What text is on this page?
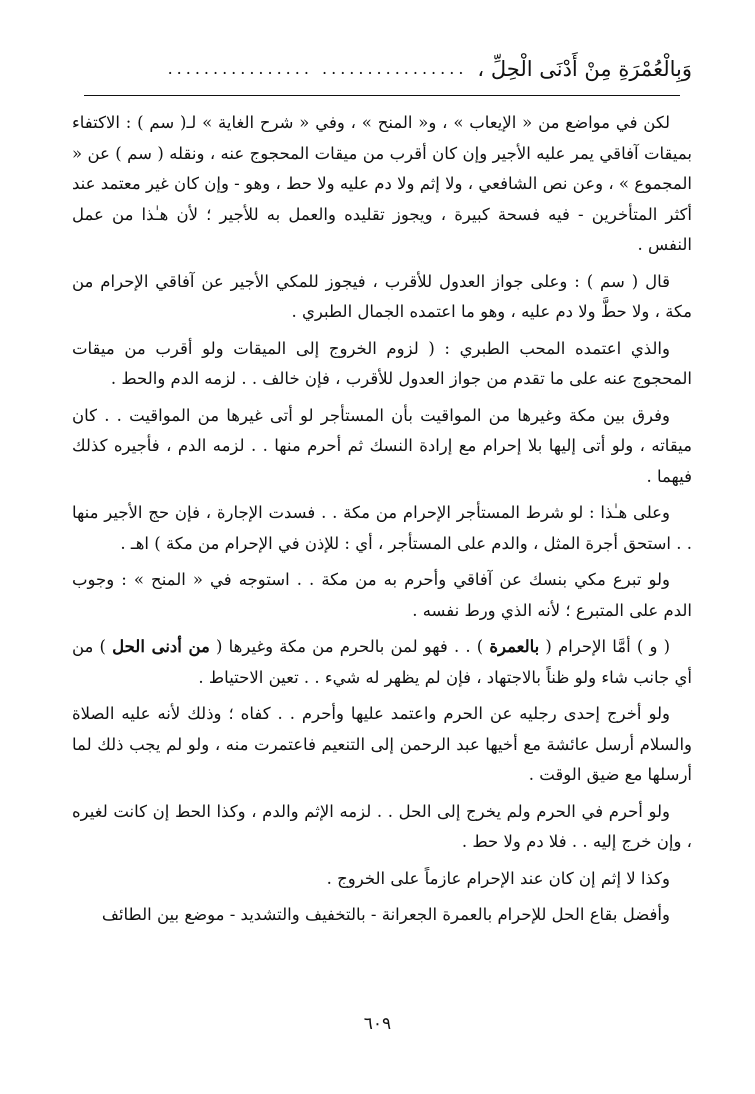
وَبِالْعُمْرَةِ مِنْ أَدْنَى الْحِلِّ ،
................ ................

لكن في مواضع من « الإيعاب » ، و« المنح » ، وفي « شرح الغاية » لـ( سم ) : الاكتفاء بميقات آفاقي يمر عليه الأجير وإن كان أقرب من ميقات المحجوج عنه ، ونقله ( سم ) عن « المجموع » ، وعن نص الشافعي ، ولا إثم ولا دم عليه ولا حط ، وهو - وإن كان غير معتمد عند أكثر المتأخرين - فيه فسحة كبيرة ، ويجوز تقليده والعمل به للأجير ؛ لأن هـٰذا من عمل النفس .

قال ( سم ) : وعلى جواز العدول للأقرب ، فيجوز للمكي الأجير عن آفاقي الإحرام من مكة ، ولا حطَّ ولا دم عليه ، وهو ما اعتمده الجمال الطبري .

والذي اعتمده المحب الطبري : ( لزوم الخروج إلى الميقات ولو أقرب من ميقات المحجوج عنه على ما تقدم من جواز العدول للأقرب ، فإن خالف . . لزمه الدم والحط .

وفرق بين مكة وغيرها من المواقيت بأن المستأجر لو أتى غيرها من المواقيت . . كان ميقاته ، ولو أتى إليها بلا إحرام مع إرادة النسك ثم أحرم منها . . لزمه الدم ، فأجيره كذلك فيهما .

وعلى هـٰذا : لو شرط المستأجر الإحرام من مكة . . فسدت الإجارة ، فإن حج الأجير منها . . استحق أجرة المثل ، والدم على المستأجر ، أي : للإذن في الإحرام من مكة ) اهـ .

ولو تبرع مكي بنسك عن آفاقي وأحرم به من مكة . . استوجه في « المنح » : وجوب الدم على المتبرع ؛ لأنه الذي ورط نفسه .

( و ) أمَّا الإحرام ( بالعمرة ) . . فهو لمن بالحرم من مكة وغيرها ( من أدنى الحل ) من أي جانب شاء ولو ظناً بالاجتهاد ، فإن لم يظهر له شيء . . تعين الاحتياط .

ولو أخرج إحدى رجليه عن الحرم واعتمد عليها وأحرم . . كفاه ؛ وذلك لأنه عليه الصلاة والسلام أرسل عائشة مع أخيها عبد الرحمن إلى التنعيم فاعتمرت منه ، ولو لم يجب ذلك لما أرسلها مع ضيق الوقت .

ولو أحرم في الحرم ولم يخرج إلى الحل . . لزمه الإثم والدم ، وكذا الحط إن كانت لغيره ، وإن خرج إليه . . فلا دم ولا حط .

وكذا لا إثم إن كان عند الإحرام عازماً على الخروج .

وأفضل بقاع الحل للإحرام بالعمرة الجعرانة - بالتخفيف والتشديد - موضع بين الطائف

٦٠٩
